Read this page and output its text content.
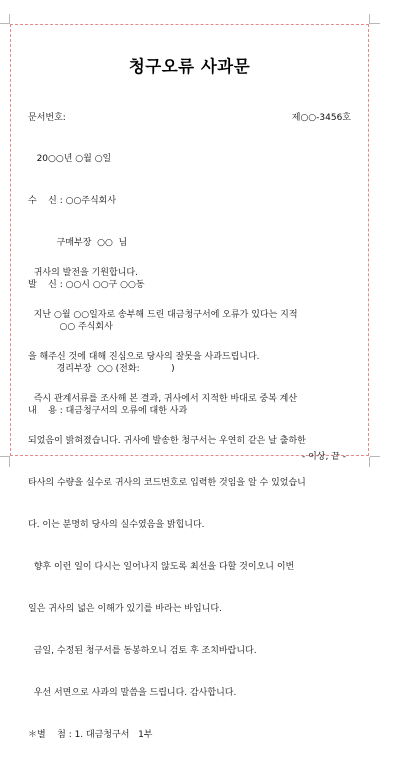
청구오류 사과문
문서번호:	제○○-3456호

20○○년 ○월 ○일

수    신 : ○○주식회사

구매부장  ○○  님

발    신 : ○○시 ○○구 ○○동

○○ 주식회사

경리부장  ○○ (전화:           )

내    용 : 대금청구서의 오류에 대한 사과

귀사의 발전을 기원합니다.

지난 ○월 ○○일자로 송부해 드린 대금청구서에 오류가 있다는 지적

을 해주신 것에 대해 진심으로 당사의 잘못을 사과드립니다.

즉시 관계서류를 조사해 본 결과, 귀사에서 지적한 바대로 중복 계산

되었음이 밝혀졌습니다. 귀사에 발송한 청구서는 우연히 같은 날 출하한

타사의 수량을 실수로 귀사의 코드번호로 입력한 것임을 알 수 있었습니

다. 이는 분명히 당사의 실수였음을 밝힙니다.

향후 이런 일이 다시는 일어나지 않도록 최선을 다할 것이오니 이번

일은 귀사의 넓은 이해가 있기를 바라는 바입니다.

금일, 수정된 청구서를 동봉하오니 검토 후 조치바랍니다.

우선 서면으로 사과의 말씀을 드립니다. 감사합니다.

＊별    첨 : 1. 대금청구서   1부

- 이상, 끝 -
